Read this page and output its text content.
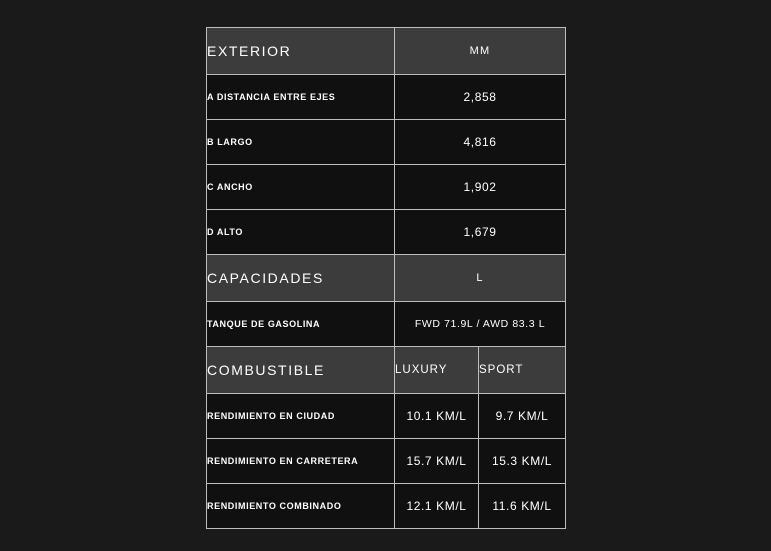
EXTERIOR	MM	
A DISTANCIA ENTRE EJES	2,858	
B LARGO	4,816	
C ANCHO	1,902	
D ALTO	1,679	
CAPACIDADES	L	
TANQUE DE GASOLINA	FWD 71.9L / AWD 83.3 L	
COMBUSTIBLE	LUXURY	SPORT
RENDIMIENTO EN CIUDAD	10.1 KM/L	9.7 KM/L
RENDIMIENTO EN CARRETERA	15.7 KM/L	15.3 KM/L
RENDIMIENTO COMBINADO	12.1 KM/L	11.6 KM/L
